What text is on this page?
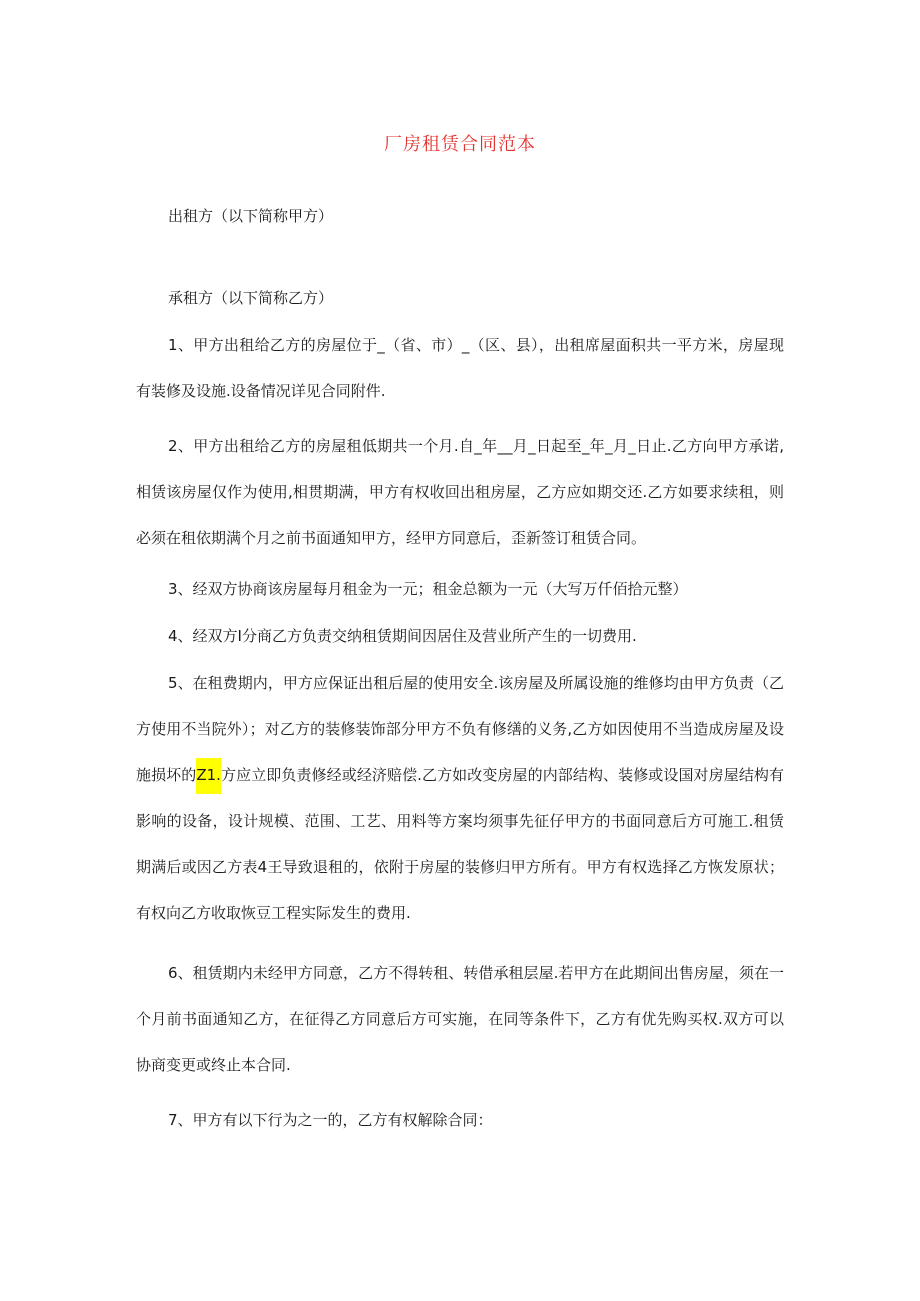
厂房租赁合同范本
出租方（以下简称甲方）
承租方（以下简称乙方）

1、甲方出租给乙方的房屋位于_（省、市）_（区、县），出租席屋面积共一平方米，房屋现有装修及设施.设备情况详见合同附件.

2、甲方出租给乙方的房屋租低期共一个月.自_年__月_日起至_年_月_日止.乙方向甲方承诺,相赁该房屋仅作为使用,相贯期满，甲方有权收回出租房屋，乙方应如期交还.乙方如要求续租，则必须在租依期满个月之前书面通知甲方，经甲方同意后，歪新签订租赁合同。

3、经双方协商该房屋每月租金为一元；租金总额为一元（大写万仟佰拾元整）

4、经双方I分商乙方负责交纳租赁期间因居住及营业所产生的一切费用.

5、在租费期内，甲方应保证出租后屋的使用安全.该房屋及所属设施的维修均由甲方负责（乙方使用不当院外）；对乙方的装修装饰部分甲方不负有修缮的义务,乙方如因使用不当造成房屋及设施损坏的Z1.方应立即负责修经或经济赔偿.乙方如改变房屋的内部结构、装修或设国对房屋结构有影响的设备，设计规模、范围、工艺、用料等方案均须事先征仔甲方的书面同意后方可施工.租赁期满后或因乙方表4王导致退租的，依附于房屋的装修归甲方所有。甲方有权选择乙方恢发原状；有权向乙方收取恢豆工程实际发生的费用.

6、租赁期内未经甲方同意，乙方不得转租、转借承租层屋.若甲方在此期间出售房屋，须在一个月前书面通知乙方，在征得乙方同意后方可实施，在同等条件下，乙方有优先购买权.双方可以协商变更或终止本合同.

7、甲方有以下行为之一的，乙方有权解除合同：
